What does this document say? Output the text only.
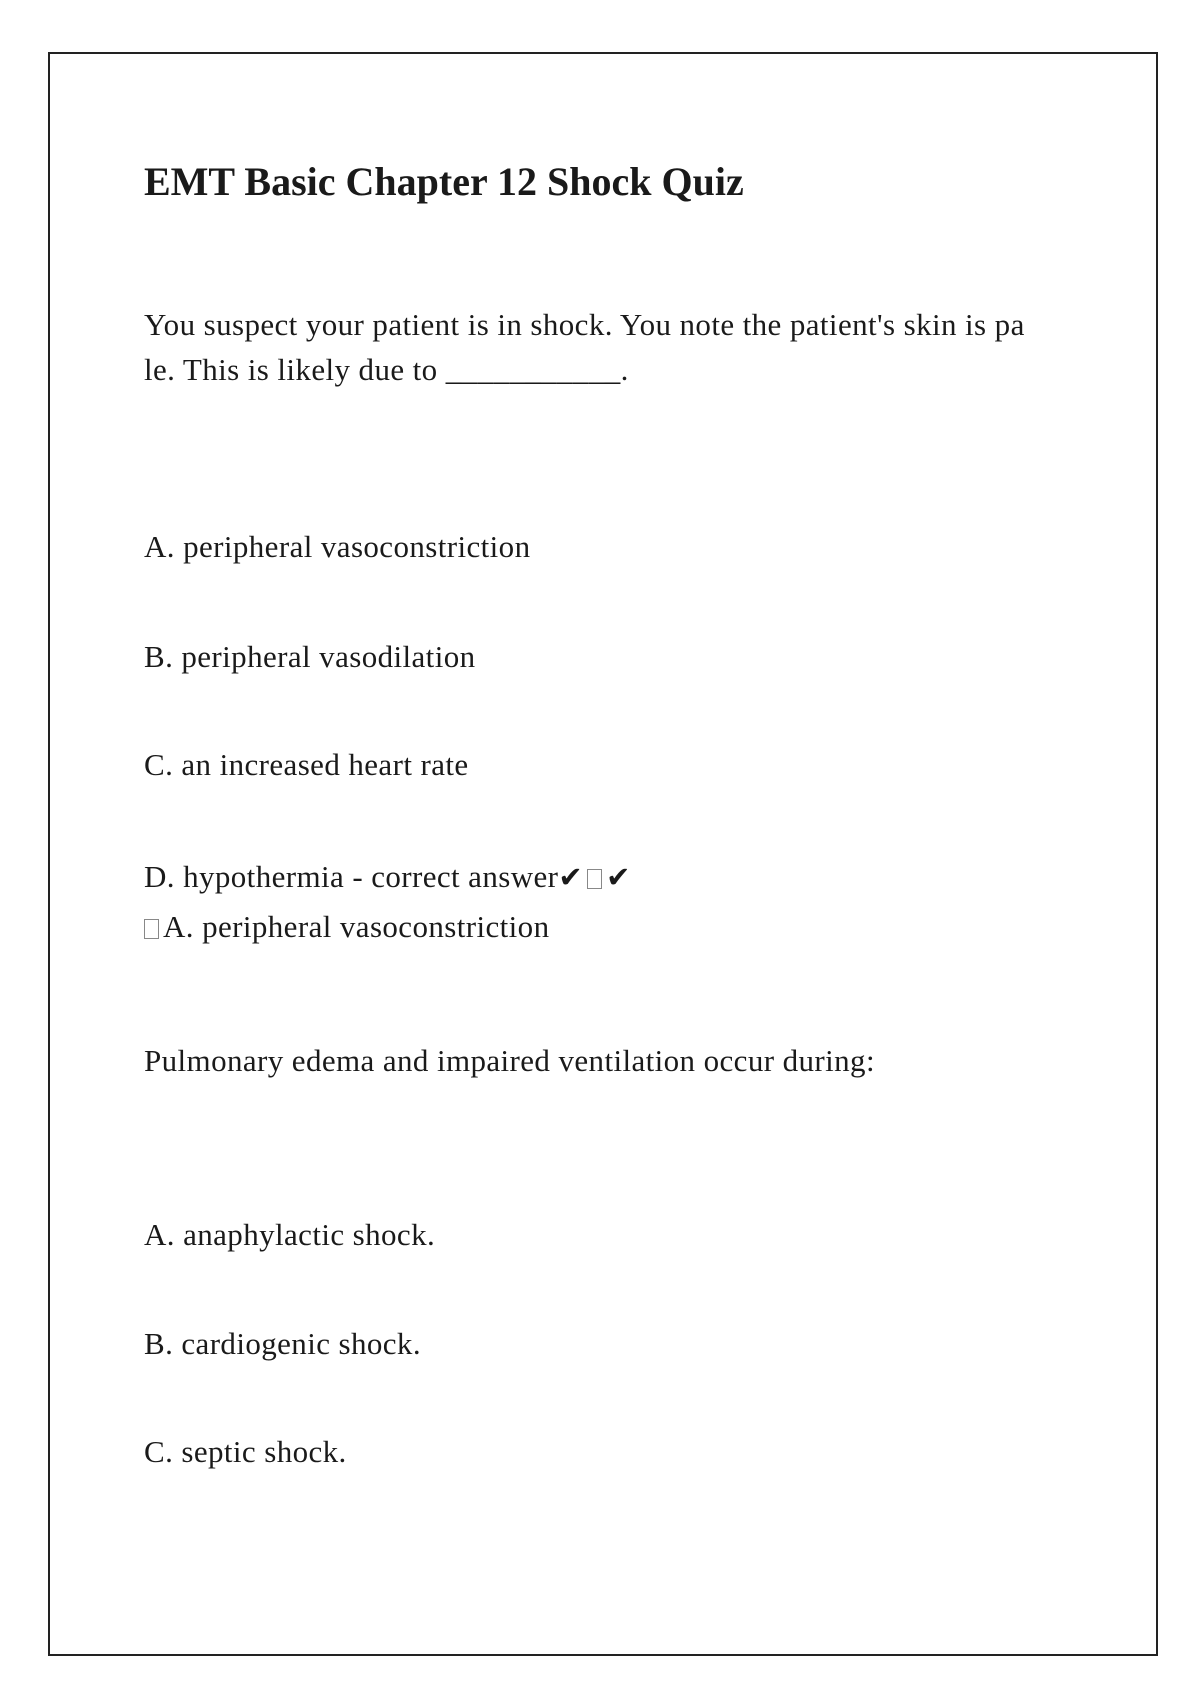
EMT Basic Chapter 12 Shock Quiz

You suspect your patient is in shock. You note the patient's skin is pa

le. This is likely due to ___________.

A. peripheral vasoconstriction

B. peripheral vasodilation

C. an increased heart rate

D. hypothermia - correct answer✔ ✔

A. peripheral vasoconstriction

Pulmonary edema and impaired ventilation occur during:

A. anaphylactic shock.

B. cardiogenic shock.

C. septic shock.
